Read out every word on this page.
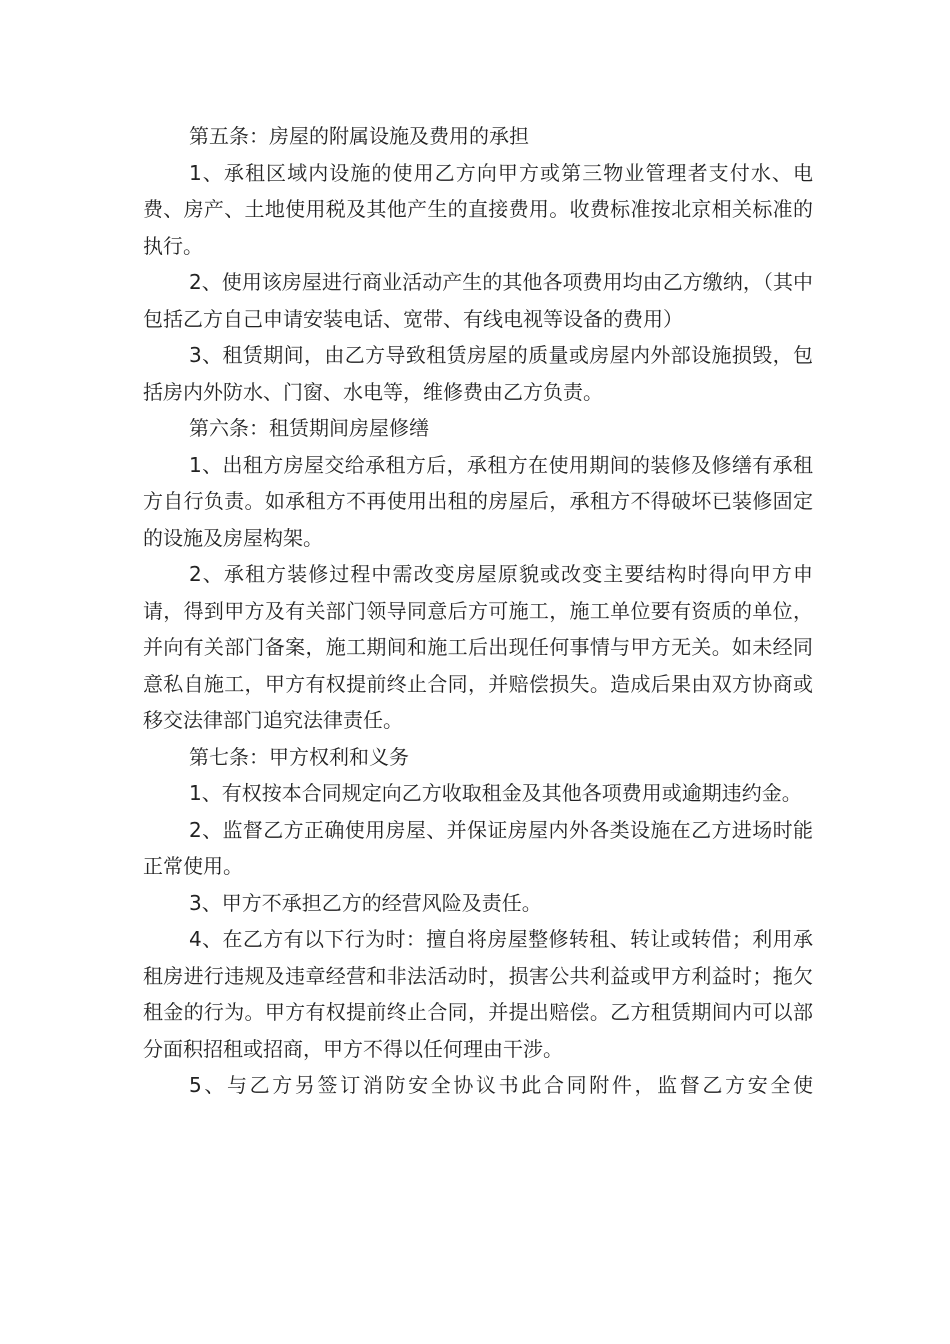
第五条：房屋的附属设施及费用的承担

1、承租区域内设施的使用乙方向甲方或第三物业管理者支付水、电费、房产、土地使用税及其他产生的直接费用。收费标准按北京相关标准的执行。

2、使用该房屋进行商业活动产生的其他各项费用均由乙方缴纳，（其中包括乙方自己申请安装电话、宽带、有线电视等设备的费用）

3、租赁期间，由乙方导致租赁房屋的质量或房屋内外部设施损毁，包括房内外防水、门窗、水电等，维修费由乙方负责。

第六条：租赁期间房屋修缮

1、出租方房屋交给承租方后，承租方在使用期间的装修及修缮有承租方自行负责。如承租方不再使用出租的房屋后，承租方不得破坏已装修固定的设施及房屋构架。

2、承租方装修过程中需改变房屋原貌或改变主要结构时得向甲方申请，得到甲方及有关部门领导同意后方可施工，施工单位要有资质的单位，并向有关部门备案，施工期间和施工后出现任何事情与甲方无关。如未经同意私自施工，甲方有权提前终止合同，并赔偿损失。造成后果由双方协商或移交法律部门追究法律责任。

第七条：甲方权利和义务

1、有权按本合同规定向乙方收取租金及其他各项费用或逾期违约金。

2、监督乙方正确使用房屋、并保证房屋内外各类设施在乙方进场时能正常使用。

3、甲方不承担乙方的经营风险及责任。

4、在乙方有以下行为时：擅自将房屋整修转租、转让或转借；利用承租房进行违规及违章经营和非法活动时，损害公共利益或甲方利益时；拖欠租金的行为。甲方有权提前终止合同，并提出赔偿。乙方租赁期间内可以部分面积招租或招商，甲方不得以任何理由干涉。

5、与乙方另签订消防安全协议书此合同附件，监督乙方安全使
